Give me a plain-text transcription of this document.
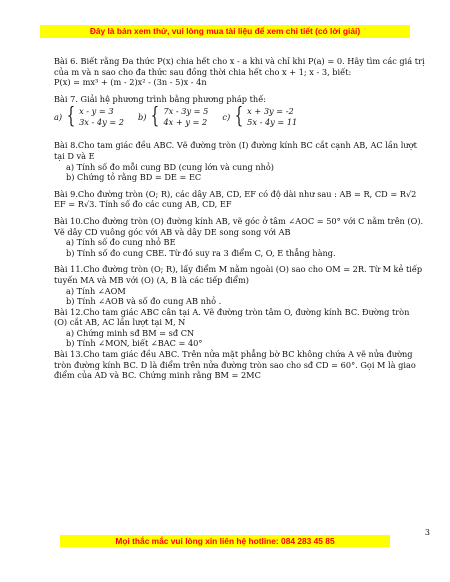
Đây là bản xem thử, vui lòng mua tài liệu để xem chi tiết (có lời giải)

Bài 6. Biết rằng Đa thức P(x) chia hết cho x - a khi và chỉ khi P(a) = 0. Hãy tìm các giá trị

của m và n sao cho đa thức sau đồng thời chia hết cho x + 1; x - 3, biết:

P(x) = mx³ + (m - 2)x² - (3n - 5)x - 4n

Bài 7. Giải hệ phương trình bằng phương pháp thế:

a) { x - y = 3
3x - 4y = 2
b) { 7x - 3y = 5
4x + y = 2
c) { x + 3y = -2
5x - 4y = 11

Bài 8.Cho tam giác đều ABC. Vẽ đường tròn (I) đường kính BC cắt cạnh AB, AC lần lượt

tại D và E

a) Tính số đo mỗi cung BD (cung lớn và cung nhỏ)

b) Chứng tỏ rằng BD = DE = EC

Bài 9.Cho đường tròn (O; R), các dây AB, CD, EF có độ dài như sau : AB = R, CD = R√2

EF = R√3. Tính số đo các cung AB, CD, EF

Bài 10.Cho đường tròn (O) đường kính AB, vẽ góc ở tâm ∠AOC = 50° với C nằm trên (O).

Vẽ dây CD vuông góc với AB và dây DE song song với AB

a) Tính số đo cung nhỏ BE

b) Tính số đo cung CBE. Từ đó suy ra 3 điểm C, O, E thẳng hàng.

Bài 11.Cho đường tròn (O; R), lấy điểm M nằm ngoài (O) sao cho OM = 2R. Từ M kẻ tiếp

tuyến MA và MB với (O) (A, B là các tiếp điểm)

a) Tính ∠AOM

b) Tính ∠AOB và số đo cung AB nhỏ .

Bài 12.Cho tam giác ABC cân tại A. Vẽ đường tròn tâm O, đường kính BC. Đường tròn

(O) cắt AB, AC lần lượt tại M, N

a) Chứng minh sđ BM = sđ CN

b) Tính ∠MON, biết ∠BAC = 40°

Bài 13.Cho tam giác đều ABC. Trên nửa mặt phẳng bờ BC không chứa A vẽ nửa đường

tròn đường kính BC. D là điểm trên nửa đường tròn sao cho sđ CD = 60°. Gọi M là giao

điểm của AD và BC. Chứng minh rằng BM = 2MC

3
Mọi thắc mắc vui lòng xin liên hệ hotline: 084 283 45 85
